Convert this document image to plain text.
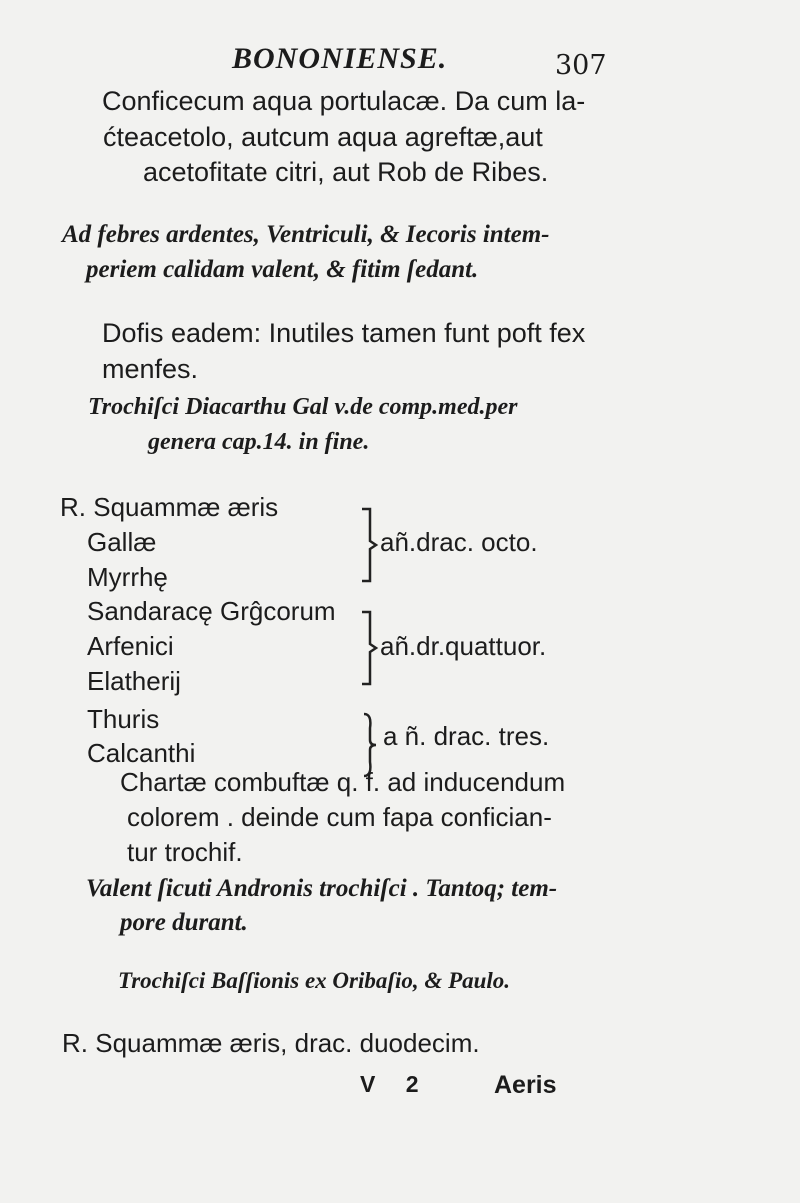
BONONIENSE.	307
Conficecum aqua portulacæ. Da cum la-
ćteacetolo, autcum aqua agreftæ,aut
acetofitate citri, aut Rob de Ribes.
Ad febres ardentes, Ventriculi, & Iecoris intem-
periem calidam valent, & fitim ſedant.
Dofis eadem: Inutiles tamen funt poft fex
menfes.
Trochiſci Diacarthu Gal v.de comp.med.per
genera cap.14. in fine.
R. Squammæ æris
Gallæ
Myrrhę
Sandaracę Grĝcorum
Arfenici
Elatherij
Thuris
Calcanthi
añ.drac. octo.
añ.dr.quattuor.
a ñ. drac. tres.
Chartæ combuftæ q. f. ad inducendum
colorem . deinde cum fapa confician-
tur trochif.
Valent ſicuti Andronis trochiſci . Tantoq; tem-
pore durant.
Trochiſci Baſſionis ex Oribaſio, & Paulo.
R. Squammæ æris, drac. duodecim.
V 2	Aeris
